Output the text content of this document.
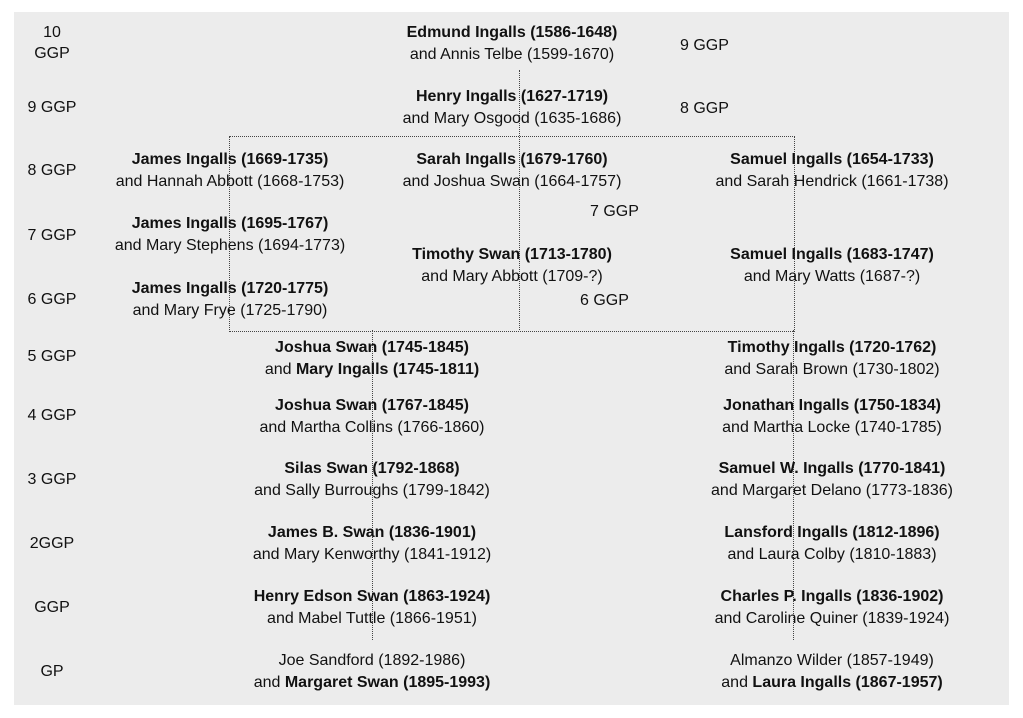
10
GGP
9 GGP
8 GGP
7 GGP
6 GGP
5 GGP
4 GGP
3 GGP
2GGP
GGP
GP
9 GGP
8 GGP
7 GGP
6 GGP
Edmund Ingalls (1586-1648)
and Annis Telbe (1599-1670)
Henry Ingalls (1627-1719)
and Mary Osgood (1635-1686)
James Ingalls (1669-1735)
and Hannah Abbott (1668-1753)
Sarah Ingalls (1679-1760)
and Joshua Swan (1664-1757)
Samuel Ingalls (1654-1733)
and Sarah Hendrick (1661-1738)
James Ingalls (1695-1767)
and Mary Stephens (1694-1773)
Timothy Swan (1713-1780)
and Mary Abbott (1709-?)
Samuel Ingalls (1683-1747)
and Mary Watts (1687-?)
James Ingalls (1720-1775)
and Mary Frye (1725-1790)
Joshua Swan (1745-1845)
and Mary Ingalls (1745-1811)
Timothy Ingalls (1720-1762)
and Sarah Brown (1730-1802)
Joshua Swan (1767-1845)
and Martha Collins (1766-1860)
Jonathan Ingalls (1750-1834)
and Martha Locke (1740-1785)
Silas Swan (1792-1868)
and Sally Burroughs (1799-1842)
Samuel W. Ingalls (1770-1841)
and Margaret Delano (1773-1836)
James B. Swan (1836-1901)
and Mary Kenworthy (1841-1912)
Lansford Ingalls (1812-1896)
and Laura Colby (1810-1883)
Henry Edson Swan (1863-1924)
and Mabel Tuttle (1866-1951)
Charles P. Ingalls (1836-1902)
and Caroline Quiner (1839-1924)
Joe Sandford (1892-1986)
and Margaret Swan (1895-1993)
Almanzo Wilder (1857-1949)
and Laura Ingalls (1867-1957)
